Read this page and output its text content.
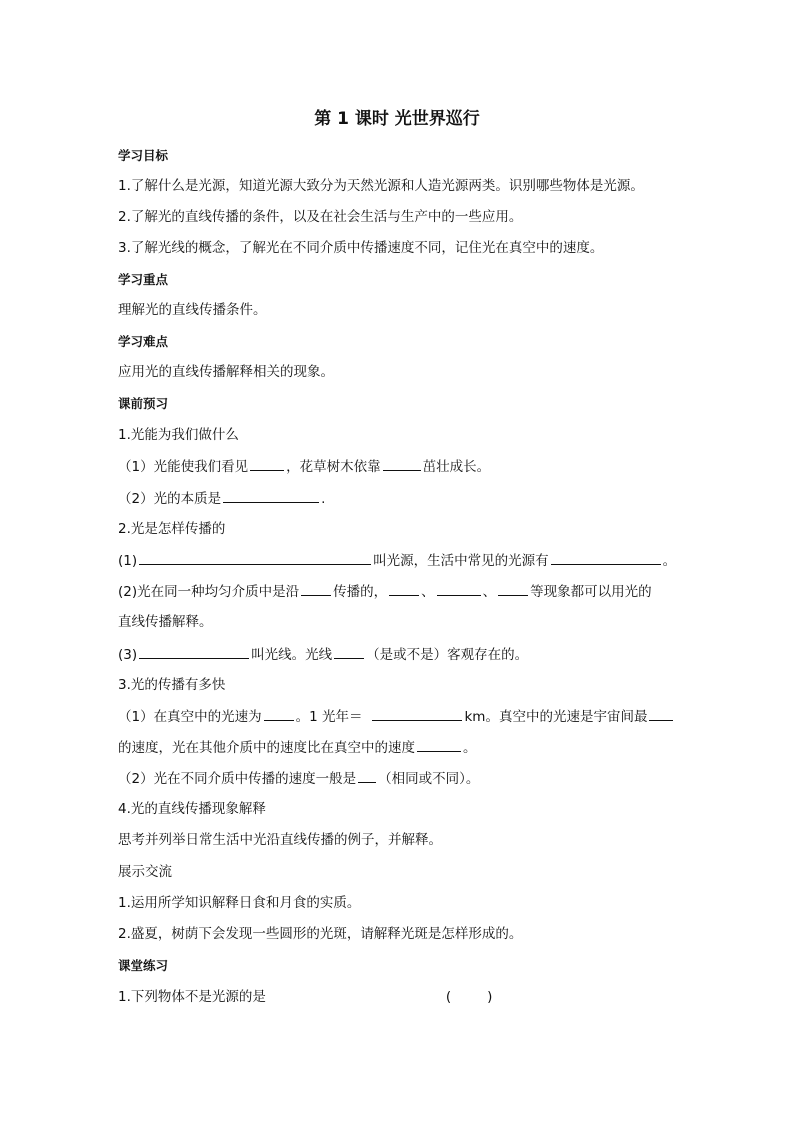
第 1 课时 光世界巡行
学习目标
1.了解什么是光源，知道光源大致分为天然光源和人造光源两类。识别哪些物体是光源。
2.了解光的直线传播的条件，以及在社会生活与生产中的一些应用。
3.了解光线的概念，了解光在不同介质中传播速度不同，记住光在真空中的速度。
学习重点
理解光的直线传播条件。
学习难点
应用光的直线传播解释相关的现象。
课前预习
1.光能为我们做什么
（1）光能使我们看见	，花草树木依靠	茁壮成长。
（2）光的本质是	.
2.光是怎样传播的
(1)	叫光源，生活中常见的光源有	。
(2)光在同一种均匀介质中是沿	传播的，	、	、	等现象都可以用光的
直线传播解释。
(3)	叫光线。光线	（是或不是）客观存在的。
3.光的传播有多快
（1）在真空中的光速为	。1 光年＝	km。真空中的光速是宇宙间最
的速度，光在其他介质中的速度比在真空中的速度	。
（2）光在不同介质中传播的速度一般是 （相同或不同）。
4.光的直线传播现象解释
思考并列举日常生活中光沿直线传播的例子，并解释。
展示交流
1.运用所学知识解释日食和月食的实质。
2.盛夏，树荫下会发现一些圆形的光斑，请解释光斑是怎样形成的。
课堂练习
1.下列物体不是光源的是	(	)
